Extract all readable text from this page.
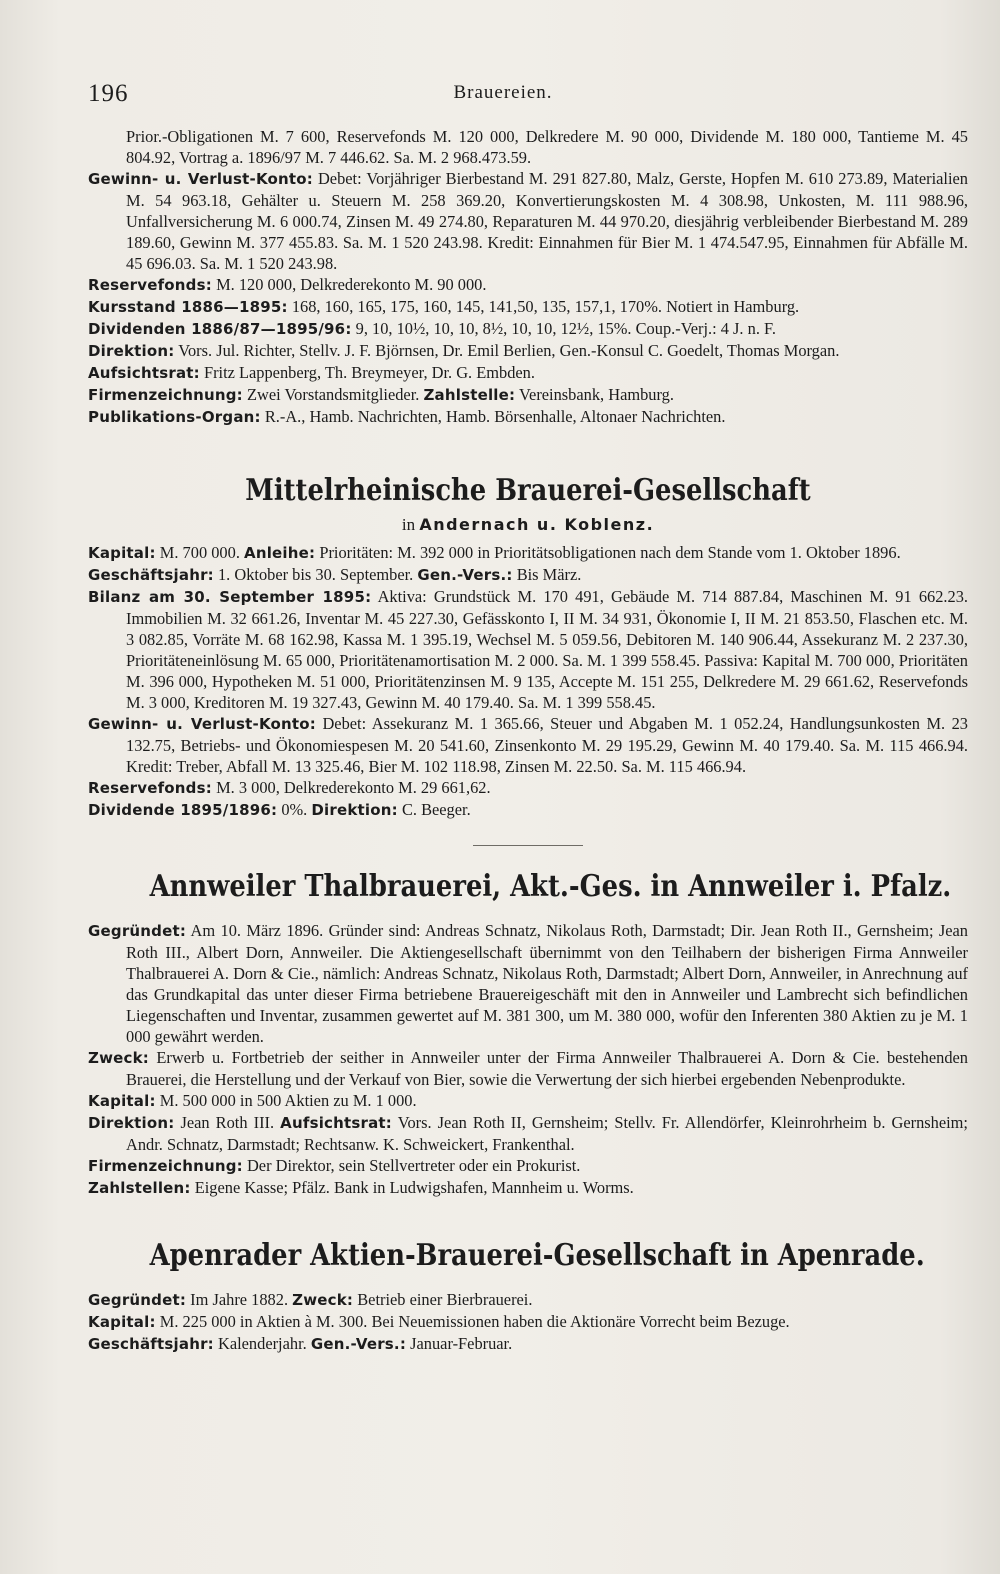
196	Brauereien.

Prior.-Obligationen M. 7 600, Reservefonds M. 120 000, Delkredere M. 90 000, Dividende M. 180 000, Tantieme M. 45 804.92, Vortrag a. 1896/97 M. 7 446.62. Sa. M. 2 968.473.59.

Gewinn- u. Verlust-Konto: Debet: Vorjähriger Bierbestand M. 291 827.80, Malz, Gerste, Hopfen M. 610 273.89, Materialien M. 54 963.18, Gehälter u. Steuern M. 258 369.20, Konvertierungskosten M. 4 308.98, Unkosten, M. 111 988.96, Unfallversicherung M. 6 000.74, Zinsen M. 49 274.80, Reparaturen M. 44 970.20, diesjährig verbleibender Bierbestand M. 289 189.60, Gewinn M. 377 455.83. Sa. M. 1 520 243.98. Kredit: Einnahmen für Bier M. 1 474.547.95, Einnahmen für Abfälle M. 45 696.03. Sa. M. 1 520 243.98.

Reservefonds: M. 120 000, Delkrederekonto M. 90 000.

Kursstand 1886—1895: 168, 160, 165, 175, 160, 145, 141,50, 135, 157,1, 170%. Notiert in Hamburg.

Dividenden 1886/87—1895/96: 9, 10, 10½, 10, 10, 8½, 10, 10, 12½, 15%. Coup.-Verj.: 4 J. n. F.

Direktion: Vors. Jul. Richter, Stellv. J. F. Björnsen, Dr. Emil Berlien, Gen.-Konsul C. Goedelt, Thomas Morgan.

Aufsichtsrat: Fritz Lappenberg, Th. Breymeyer, Dr. G. Embden.

Firmenzeichnung: Zwei Vorstandsmitglieder. Zahlstelle: Vereinsbank, Hamburg.

Publikations-Organ: R.-A., Hamb. Nachrichten, Hamb. Börsenhalle, Altonaer Nachrichten.

Mittelrheinische Brauerei-Gesellschaft
in Andernach u. Koblenz.

Kapital: M. 700 000. Anleihe: Prioritäten: M. 392 000 in Prioritätsobligationen nach dem Stande vom 1. Oktober 1896.

Geschäftsjahr: 1. Oktober bis 30. September. Gen.-Vers.: Bis März.

Bilanz am 30. September 1895: Aktiva: Grundstück M. 170 491, Gebäude M. 714 887.84, Maschinen M. 91 662.23. Immobilien M. 32 661.26, Inventar M. 45 227.30, Gefässkonto I, II M. 34 931, Ökonomie I, II M. 21 853.50, Flaschen etc. M. 3 082.85, Vorräte M. 68 162.98, Kassa M. 1 395.19, Wechsel M. 5 059.56, Debitoren M. 140 906.44, Assekuranz M. 2 237.30, Prioritäteneinlösung M. 65 000, Prioritätenamortisation M. 2 000. Sa. M. 1 399 558.45. Passiva: Kapital M. 700 000, Prioritäten M. 396 000, Hypotheken M. 51 000, Prioritätenzinsen M. 9 135, Accepte M. 151 255, Delkredere M. 29 661.62, Reservefonds M. 3 000, Kreditoren M. 19 327.43, Gewinn M. 40 179.40. Sa. M. 1 399 558.45.

Gewinn- u. Verlust-Konto: Debet: Assekuranz M. 1 365.66, Steuer und Abgaben M. 1 052.24, Handlungsunkosten M. 23 132.75, Betriebs- und Ökonomiespesen M. 20 541.60, Zinsenkonto M. 29 195.29, Gewinn M. 40 179.40. Sa. M. 115 466.94. Kredit: Treber, Abfall M. 13 325.46, Bier M. 102 118.98, Zinsen M. 22.50. Sa. M. 115 466.94.

Reservefonds: M. 3 000, Delkrederekonto M. 29 661,62.

Dividende 1895/1896: 0%. Direktion: C. Beeger.

Annweiler Thalbrauerei, Akt.-Ges. in Annweiler i. Pfalz.

Gegründet: Am 10. März 1896. Gründer sind: Andreas Schnatz, Nikolaus Roth, Darmstadt; Dir. Jean Roth II., Gernsheim; Jean Roth III., Albert Dorn, Annweiler. Die Aktiengesellschaft übernimmt von den Teilhabern der bisherigen Firma Annweiler Thalbrauerei A. Dorn & Cie., nämlich: Andreas Schnatz, Nikolaus Roth, Darmstadt; Albert Dorn, Annweiler, in Anrechnung auf das Grundkapital das unter dieser Firma betriebene Brauereigeschäft mit den in Annweiler und Lambrecht sich befindlichen Liegenschaften und Inventar, zusammen gewertet auf M. 381 300, um M. 380 000, wofür den Inferenten 380 Aktien zu je M. 1 000 gewährt werden.

Zweck: Erwerb u. Fortbetrieb der seither in Annweiler unter der Firma Annweiler Thalbrauerei A. Dorn & Cie. bestehenden Brauerei, die Herstellung und der Verkauf von Bier, sowie die Verwertung der sich hierbei ergebenden Nebenprodukte.

Kapital: M. 500 000 in 500 Aktien zu M. 1 000.

Direktion: Jean Roth III. Aufsichtsrat: Vors. Jean Roth II, Gernsheim; Stellv. Fr. Allendörfer, Kleinrohrheim b. Gernsheim; Andr. Schnatz, Darmstadt; Rechtsanw. K. Schweickert, Frankenthal.

Firmenzeichnung: Der Direktor, sein Stellvertreter oder ein Prokurist.

Zahlstellen: Eigene Kasse; Pfälz. Bank in Ludwigshafen, Mannheim u. Worms.

Apenrader Aktien-Brauerei-Gesellschaft in Apenrade.

Gegründet: Im Jahre 1882. Zweck: Betrieb einer Bierbrauerei.

Kapital: M. 225 000 in Aktien à M. 300. Bei Neuemissionen haben die Aktionäre Vorrecht beim Bezuge.

Geschäftsjahr: Kalenderjahr. Gen.-Vers.: Januar-Februar.
